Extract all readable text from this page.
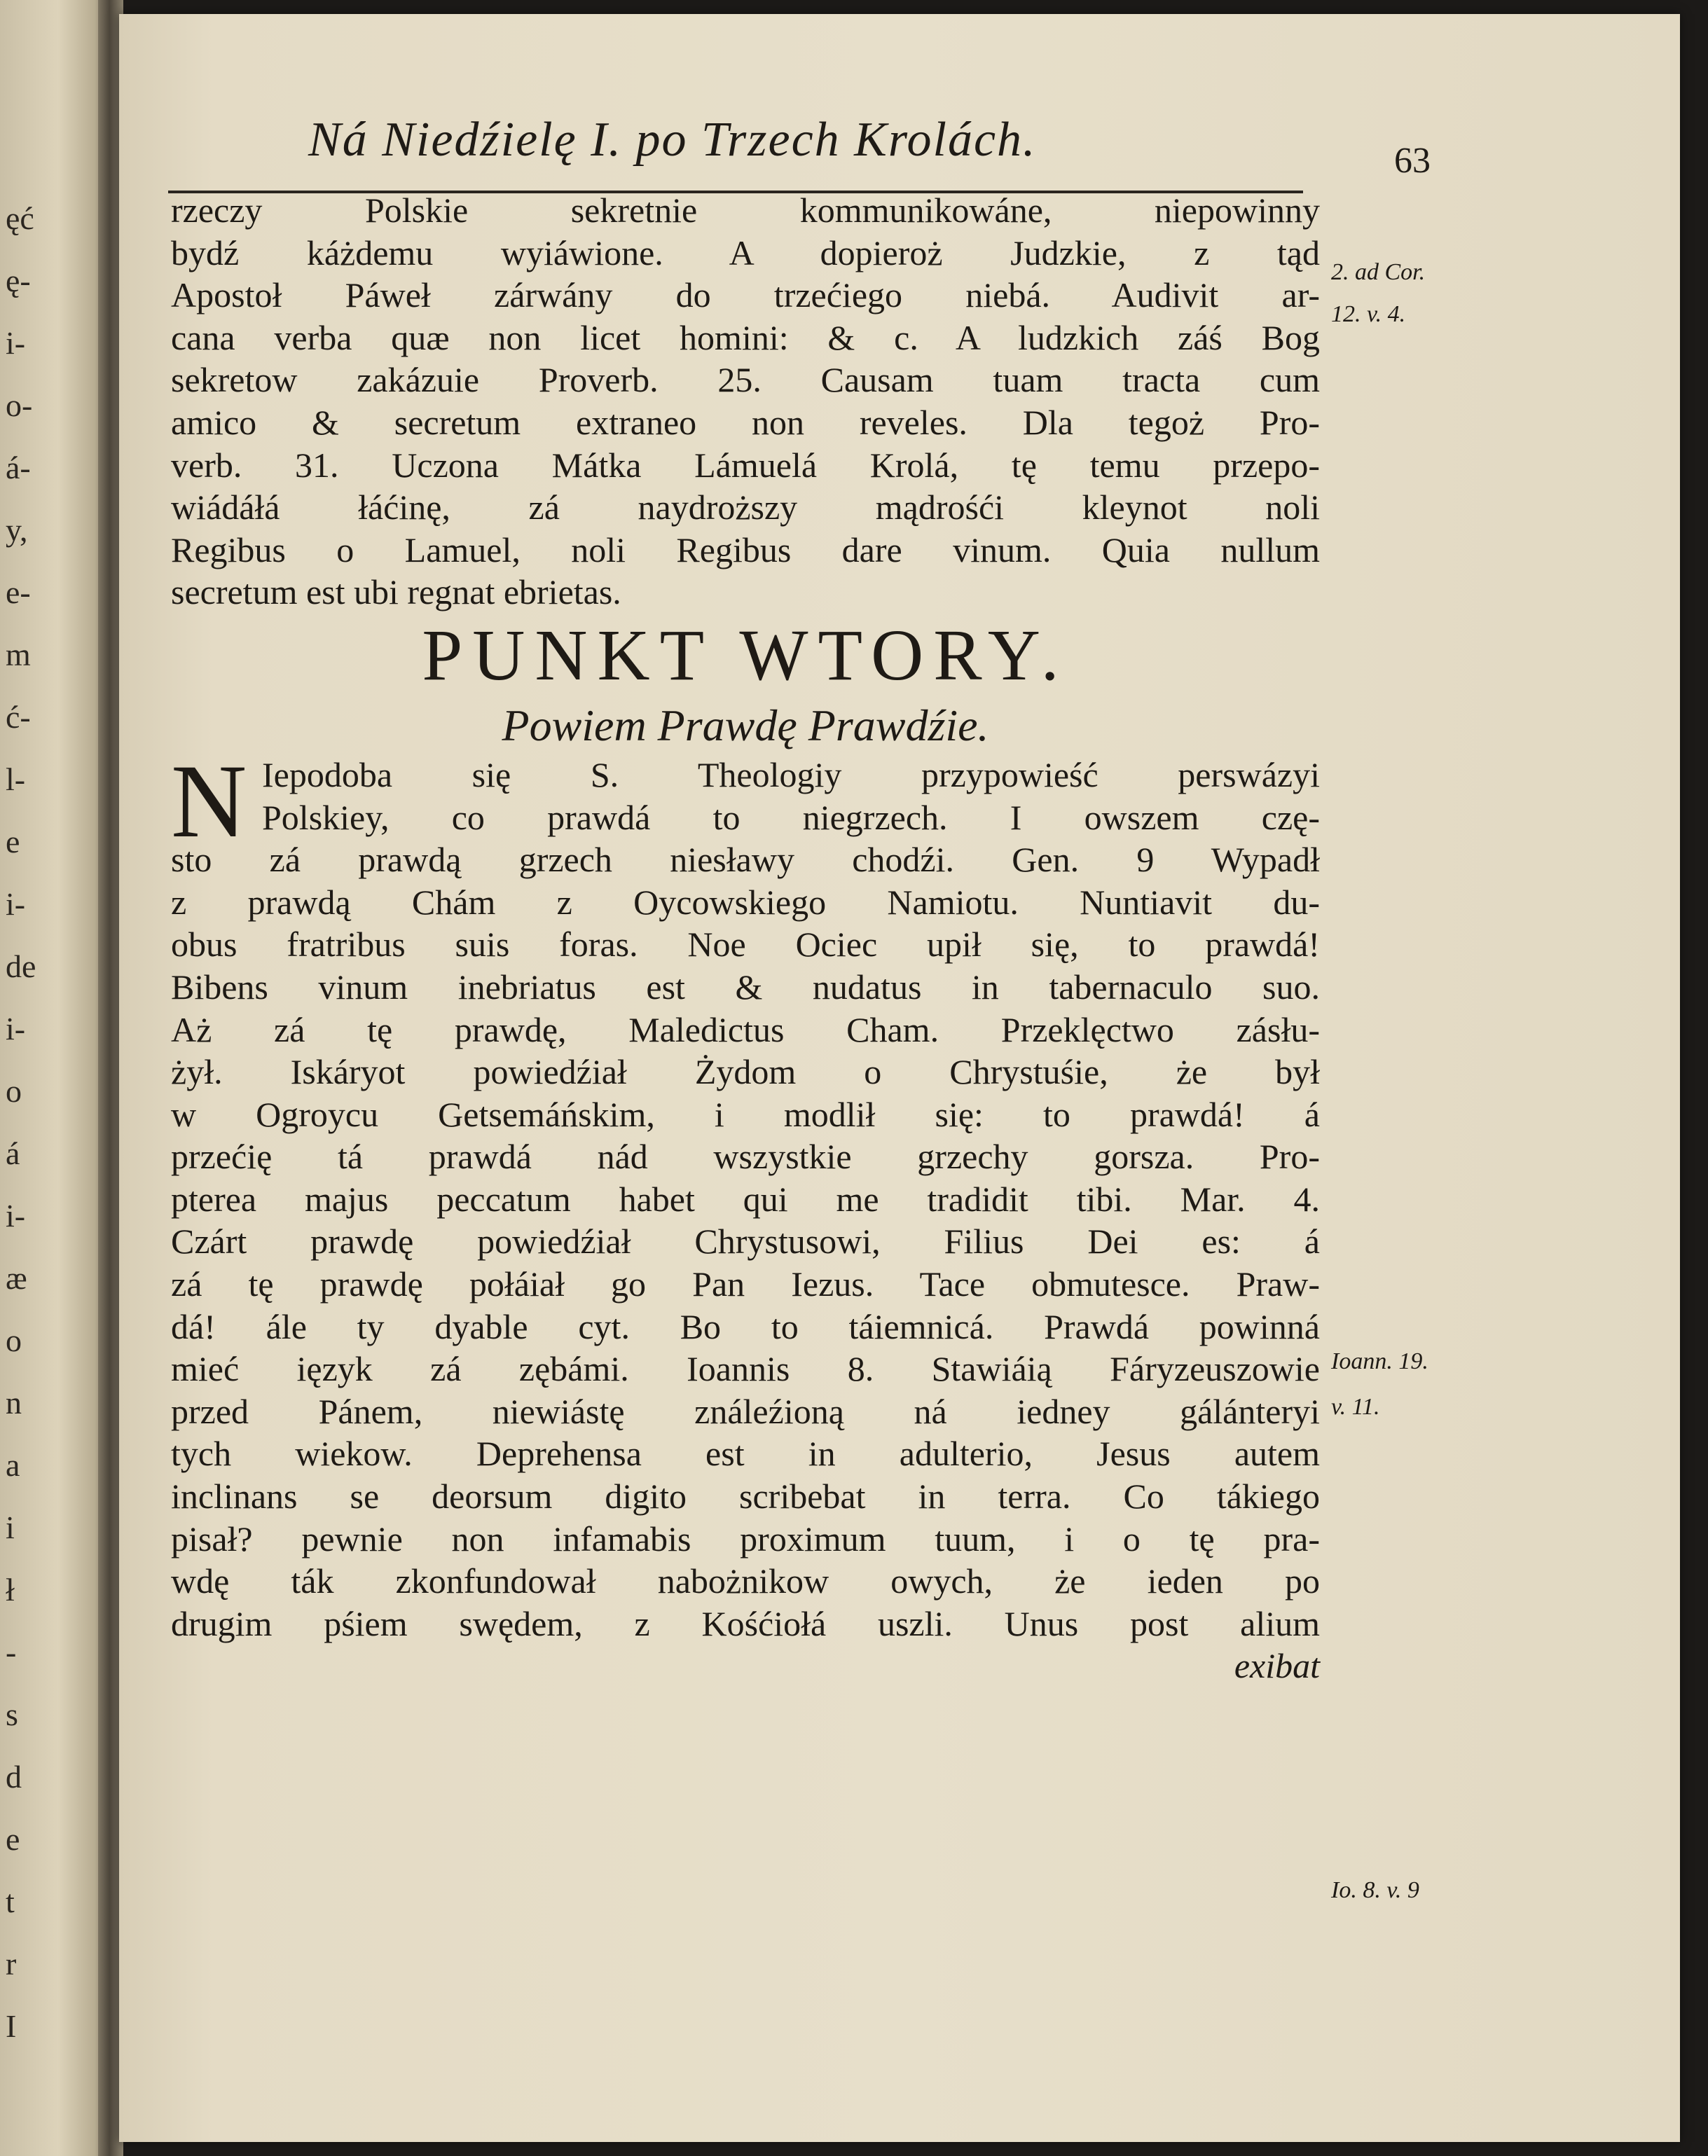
ęć
ę-
i-
o-
á-
y,
e-
m
ć-
l-
e
i-
de
i-
o
á
i-
æ
o
n
a
i
ł
-
s
d
e
t
r
I
Ná Niedźielę I. po Trzech Krolách.	63
rzeczy Polskie sekretnie kommunikowáne, niepowinny
bydź káżdemu wyiáwione. A dopieroż Judzkie, z tąd
Apostoł Páweł zárwány do trzećiego niebá. Audivit ar-
cana verba quæ non licet homini: & c. A ludzkich záś Bog
sekretow zakázuie Proverb. 25. Causam tuam tracta cum
amico & secretum extraneo non reveles. Dla tegoż Pro-
verb. 31. Uczona Mátka Lámuelá Krolá, tę temu przepo-
wiádáłá łáćinę, zá naydroższy mądrośći kleynot noli
Regibus o Lamuel, noli Regibus dare vinum. Quia nullum
secretum est ubi regnat ebrietas.
PUNKT WTORY.
Powiem Prawdę Prawdźie.
N Iepodoba się S. Theologiy przypowieść perswázyi
Polskiey, co prawdá to niegrzech. I owszem czę-
sto zá prawdą grzech niesławy chodźi. Gen. 9 Wypadł
z prawdą Chám z Oycowskiego Namiotu. Nuntiavit du-
obus fratribus suis foras. Noe Ociec upił się, to prawdá!
Bibens vinum inebriatus est & nudatus in tabernaculo suo.
Aż zá tę prawdę, Maledictus Cham. Przeklęctwo zásłu-
żył. Iskáryot powiedźiał Żydom o Chrystuśie, że był
w Ogroycu Getsemáńskim, i modlił się: to prawdá! á
przećię tá prawdá nád wszystkie grzechy gorsza. Pro-
pterea majus peccatum habet qui me tradidit tibi. Mar. 4.
Czárt prawdę powiedźiał Chrystusowi, Filius Dei es: á
zá tę prawdę połáiał go Pan Iezus. Tace obmutesce. Praw-
dá! ále ty dyable cyt. Bo to táiemnicá. Prawdá powinná
mieć ięzyk zá zębámi. Ioannis 8. Stawiáią Fáryzeuszowie
przed Pánem, niewiástę ználeźioną ná iedney gálánteryi
tych wiekow. Deprehensa est in adulterio, Jesus autem
inclinans se deorsum digito scribebat in terra. Co tákiego
pisał? pewnie non infamabis proximum tuum, i o tę pra-
wdę ták zkonfundował nabożnikow owych, że ieden po
drugim pśiem swędem, z Kośćiołá uszli. Unus post alium
exibat
2. ad Cor.
12. v. 4.
Ioann. 19.
v. 11.
Io. 8. v. 9
